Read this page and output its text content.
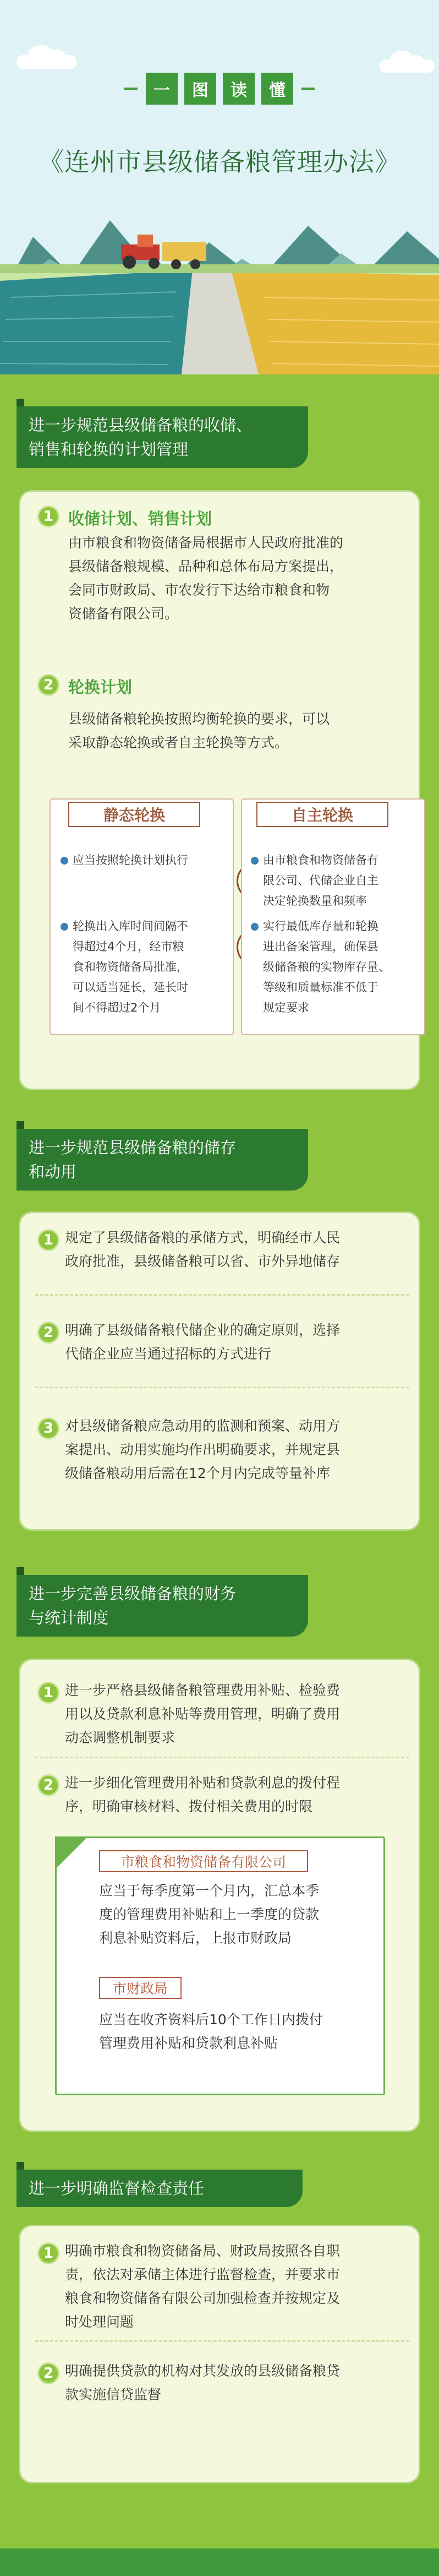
一	图	读	懂
《连州市县级储备粮管理办法》
进一步规范县级储备粮的收储、
销售和轮换的计划管理
1 收储计划、销售计划
由市粮食和物资储备局根据市人民政府批准的
县级储备粮规模、品种和总体布局方案提出，
会同市财政局、市农发行下达给市粮食和物
资储备有限公司。
2 轮换计划
县级储备粮轮换按照均衡轮换的要求，可以
采取静态轮换或者自主轮换等方式。
静态轮换
应当按照轮换计划执行
轮换出入库时间间隔不
得超过4个月，经市粮
食和物资储备局批准，
可以适当延长，延长时
间不得超过2个月
自主轮换
由市粮食和物资储备有
限公司、代储企业自主
决定轮换数量和频率
实行最低库存量和轮换
进出备案管理，确保县
级储备粮的实物库存量、
等级和质量标准不低于
规定要求
进一步规范县级储备粮的储存
和动用
1 规定了县级储备粮的承储方式，明确经市人民
政府批准，县级储备粮可以省、市外异地储存
2 明确了县级储备粮代储企业的确定原则，选择
代储企业应当通过招标的方式进行
3 对县级储备粮应急动用的监测和预案、动用方
案提出、动用实施均作出明确要求，并规定县
级储备粮动用后需在12个月内完成等量补库
进一步完善县级储备粮的财务
与统计制度
1 进一步严格县级储备粮管理费用补贴、检验费
用以及贷款利息补贴等费用管理，明确了费用
动态调整机制要求
2 进一步细化管理费用补贴和贷款利息的拨付程
序，明确审核材料、拨付相关费用的时限
市粮食和物资储备有限公司
应当于每季度第一个月内，汇总本季
度的管理费用补贴和上一季度的贷款
利息补贴资料后，上报市财政局
市财政局
应当在收齐资料后10个工作日内拨付
管理费用补贴和贷款利息补贴
进一步明确监督检查责任
1 明确市粮食和物资储备局、财政局按照各自职
责，依法对承储主体进行监督检查，并要求市
粮食和物资储备有限公司加强检查并按规定及
时处理问题
2 明确提供贷款的机构对其发放的县级储备粮贷
款实施信贷监督
